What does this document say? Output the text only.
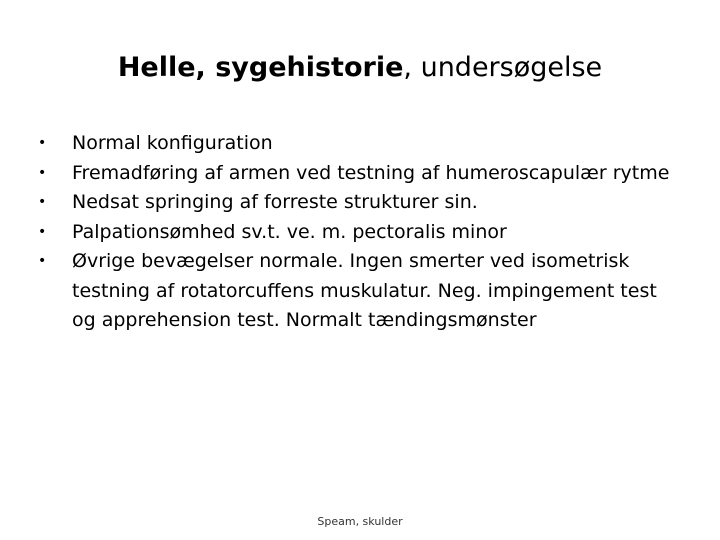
Helle, sygehistorie, undersøgelse
• Normal konfiguration
• Fremadføring af armen ved testning af humeroscapulær rytme
• Nedsat springing af forreste strukturer sin.
• Palpationsømhed sv.t. ve. m. pectoralis minor
• Øvrige bevægelser normale. Ingen smerter ved isometrisk testning af rotatorcuffens muskulatur. Neg. impingement test og apprehension test. Normalt tændingsmønster
Speam, skulder
